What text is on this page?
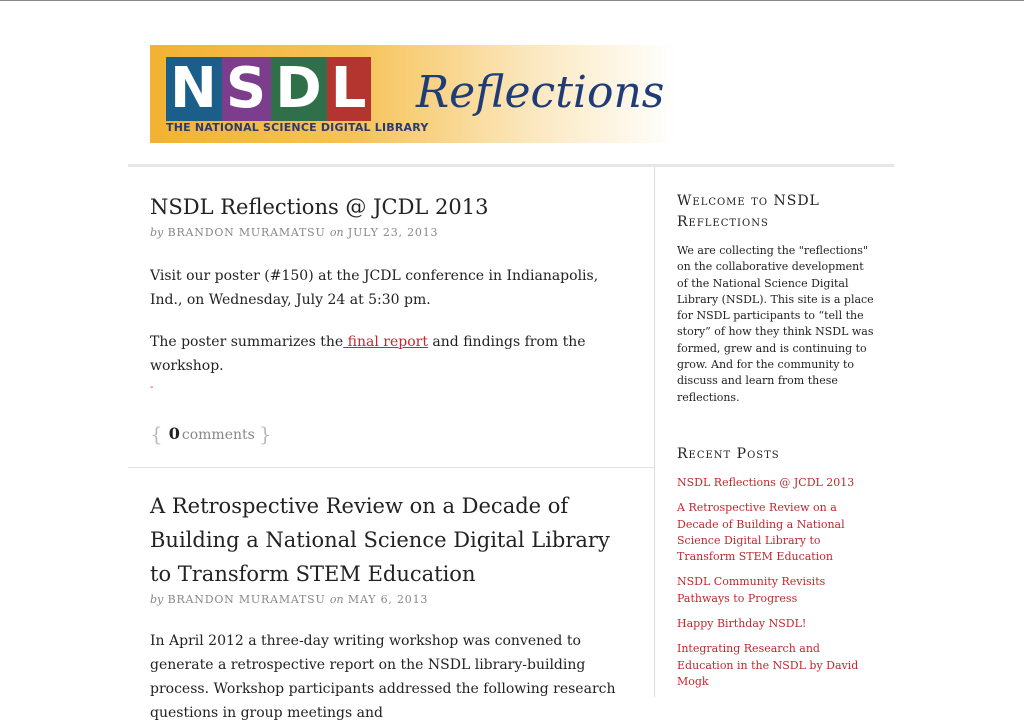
N S D L
THE NATIONAL SCIENCE DIGITAL LIBRARY
Reflections
NSDL Reflections @ JCDL 2013
by BRANDON MURAMATSU on JULY 23, 2013

Visit our poster (#150) at the JCDL conference in Indianapolis, Ind., on Wednesday, July 24 at 5:30 pm.

The poster summarizes the final report and findings from the workshop.

-
{ 0 comments }
A Retrospective Review on a Decade of Building a National Science Digital Library to Transform STEM Education
by BRANDON MURAMATSU on MAY 6, 2013

In April 2012 a three-day writing workshop was convened to generate a retrospective report on the NSDL library-building process. Workshop participants addressed the following research questions in group meetings and

Welcome to NSDL Reflections

We are collecting the "reflections" on the collaborative development of the National Science Digital Library (NSDL). This site is a place for NSDL participants to “tell the story” of how they think NSDL was formed, grew and is continuing to grow. And for the community to discuss and learn from these reflections.

Recent Posts
NSDL Reflections @ JCDL 2013
A Retrospective Review on a Decade of Building a National Science Digital Library to Transform STEM Education
NSDL Community Revisits Pathways to Progress
Happy Birthday NSDL!
Integrating Research and Education in the NSDL by David Mogk
